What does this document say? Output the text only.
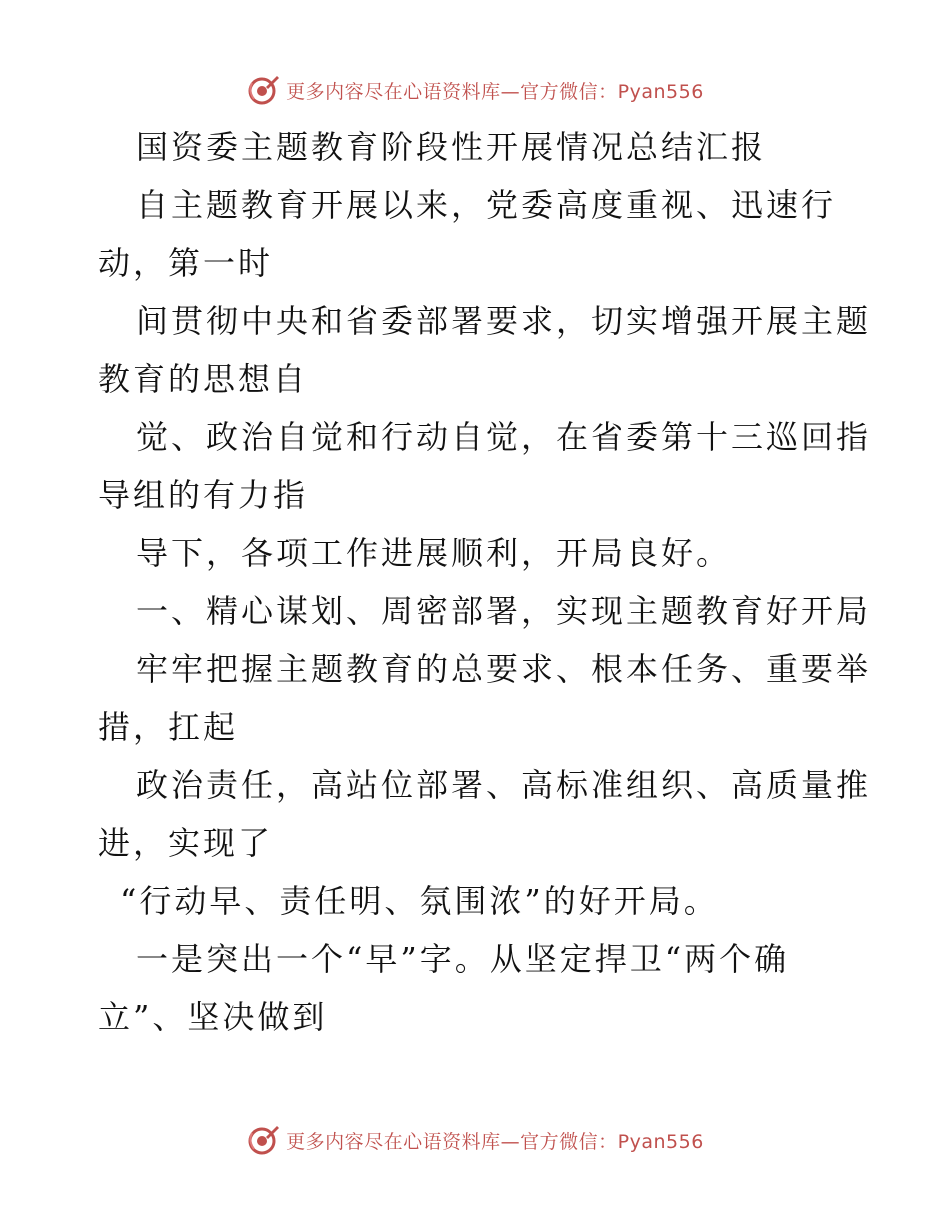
更多内容尽在心语资料库—官方微信：Pyan556
国资委主题教育阶段性开展情况总结汇报
自主题教育开展以来，党委高度重视、迅速行
动，第一时
间贯彻中央和省委部署要求，切实增强开展主题
教育的思想自
觉、政治自觉和行动自觉，在省委第十三巡回指
导组的有力指
导下，各项工作进展顺利，开局良好。
一、精心谋划、周密部署，实现主题教育好开局
牢牢把握主题教育的总要求、根本任务、重要举
措，扛起
政治责任，高站位部署、高标准组织、高质量推
进，实现了
“行动早、责任明、氛围浓”的好开局。
一是突出一个“早”字。从坚定捍卫“两个确
立”、坚决做到
更多内容尽在心语资料库—官方微信：Pyan556
